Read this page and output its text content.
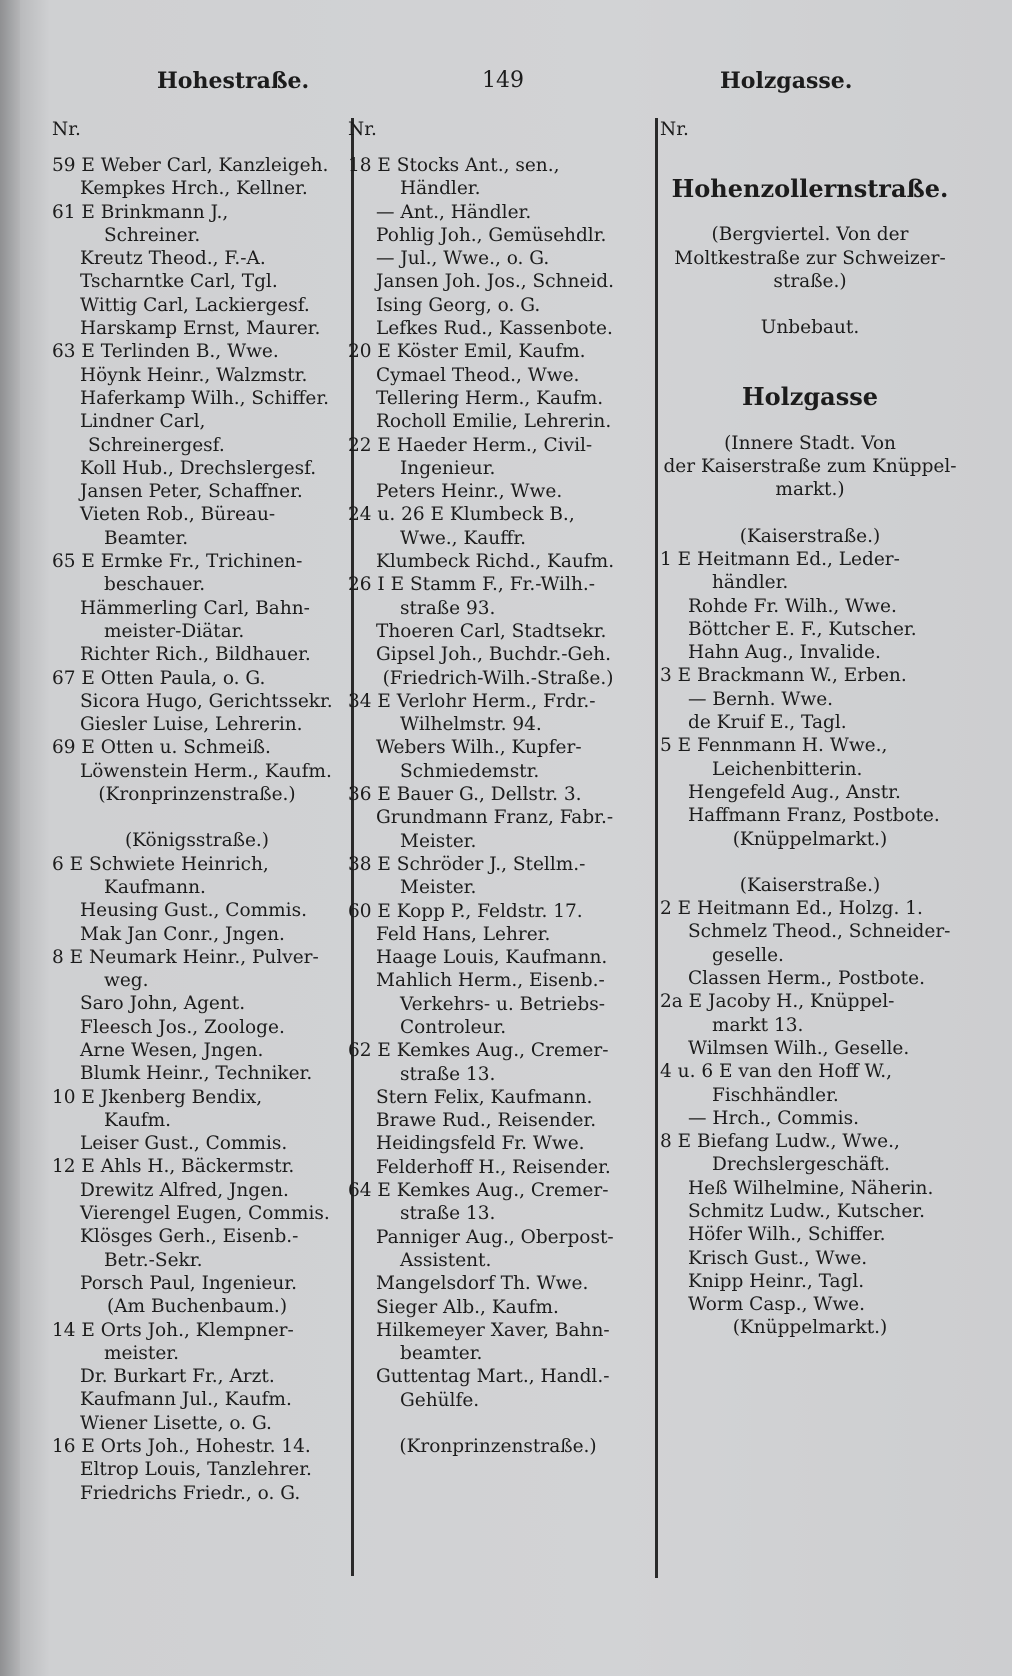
Hohestraße.	149	Holzgasse.
Nr.
59 E Weber Carl, Kanzleigeh.
Kempkes Hrch., Kellner.
61 E Brinkmann J.,
Schreiner.
Kreutz Theod., F.-A.
Tscharntke Carl, Tgl.
Wittig Carl, Lackiergesf.
Harskamp Ernst, Maurer.
63 E Terlinden B., Wwe.
Höynk Heinr., Walzmstr.
Haferkamp Wilh., Schiffer.
Lindner Carl, Schreinergesf.
Koll Hub., Drechslergesf.
Jansen Peter, Schaffner.
Vieten Rob., Büreau-
Beamter.
65 E Ermke Fr., Trichinen-
beschauer.
Hämmerling Carl, Bahn-
meister-Diätar.
Richter Rich., Bildhauer.
67 E Otten Paula, o. G.
Sicora Hugo, Gerichtssekr.
Giesler Luise, Lehrerin.
69 E Otten u. Schmeiß.
Löwenstein Herm., Kaufm.
(Kronprinzenstraße.)
(Königsstraße.)
6 E Schwiete Heinrich,
Kaufmann.
Heusing Gust., Commis.
Mak Jan Conr., Jngen.
8 E Neumark Heinr., Pulver-
weg.
Saro John, Agent.
Fleesch Jos., Zoologe.
Arne Wesen, Jngen.
Blumk Heinr., Techniker.
10 E Jkenberg Bendix,
Kaufm.
Leiser Gust., Commis.
12 E Ahls H., Bäckermstr.
Drewitz Alfred, Jngen.
Vierengel Eugen, Commis.
Klösges Gerh., Eisenb.-
Betr.-Sekr.
Porsch Paul, Ingenieur.
(Am Buchenbaum.)
14 E Orts Joh., Klempner-
meister.
Dr. Burkart Fr., Arzt.
Kaufmann Jul., Kaufm.
Wiener Lisette, o. G.
16 E Orts Joh., Hohestr. 14.
Eltrop Louis, Tanzlehrer.
Friedrichs Friedr., o. G.
Nr.
18 E Stocks Ant., sen.,
Händler.
— Ant., Händler.
Pohlig Joh., Gemüsehdlr.
— Jul., Wwe., o. G.
Jansen Joh. Jos., Schneid.
Ising Georg, o. G.
Lefkes Rud., Kassenbote.
20 E Köster Emil, Kaufm.
Cymael Theod., Wwe.
Tellering Herm., Kaufm.
Rocholl Emilie, Lehrerin.
22 E Haeder Herm., Civil-
Ingenieur.
Peters Heinr., Wwe.
24 u. 26 E Klumbeck B.,
Wwe., Kauffr.
Klumbeck Richd., Kaufm.
26 I E Stamm F., Fr.-Wilh.-
straße 93.
Thoeren Carl, Stadtsekr.
Gipsel Joh., Buchdr.-Geh.
(Friedrich-Wilh.-Straße.)
34 E Verlohr Herm., Frdr.-
Wilhelmstr. 94.
Webers Wilh., Kupfer-
Schmiedemstr.
36 E Bauer G., Dellstr. 3.
Grundmann Franz, Fabr.-
Meister.
38 E Schröder J., Stellm.-
Meister.
60 E Kopp P., Feldstr. 17.
Feld Hans, Lehrer.
Haage Louis, Kaufmann.
Mahlich Herm., Eisenb.-
Verkehrs- u. Betriebs-
Controleur.
62 E Kemkes Aug., Cremer-
straße 13.
Stern Felix, Kaufmann.
Brawe Rud., Reisender.
Heidingsfeld Fr. Wwe.
Felderhoff H., Reisender.
64 E Kemkes Aug., Cremer-
straße 13.
Panniger Aug., Oberpost-
Assistent.
Mangelsdorf Th. Wwe.
Sieger Alb., Kaufm.
Hilkemeyer Xaver, Bahn-
beamter.
Guttentag Mart., Handl.-
Gehülfe.
(Kronprinzenstraße.)
Nr.
Hohenzollernstraße.
(Bergviertel. Von der
Moltkestraße zur Schweizer-
straße.)
Unbebaut.
Holzgasse
(Innere Stadt. Von
der Kaiserstraße zum Knüppel-
markt.)
(Kaiserstraße.)
1 E Heitmann Ed., Leder-
händler.
Rohde Fr. Wilh., Wwe.
Böttcher E. F., Kutscher.
Hahn Aug., Invalide.
3 E Brackmann W., Erben.
— Bernh. Wwe.
de Kruif E., Tagl.
5 E Fennmann H. Wwe.,
Leichenbitterin.
Hengefeld Aug., Anstr.
Haffmann Franz, Postbote.
(Knüppelmarkt.)
(Kaiserstraße.)
2 E Heitmann Ed., Holzg. 1.
Schmelz Theod., Schneider-
geselle.
Classen Herm., Postbote.
2a E Jacoby H., Knüppel-
markt 13.
Wilmsen Wilh., Geselle.
4 u. 6 E van den Hoff W.,
Fischhändler.
— Hrch., Commis.
8 E Biefang Ludw., Wwe.,
Drechslergeschäft.
Heß Wilhelmine, Näherin.
Schmitz Ludw., Kutscher.
Höfer Wilh., Schiffer.
Krisch Gust., Wwe.
Knipp Heinr., Tagl.
Worm Casp., Wwe.
(Knüppelmarkt.)
